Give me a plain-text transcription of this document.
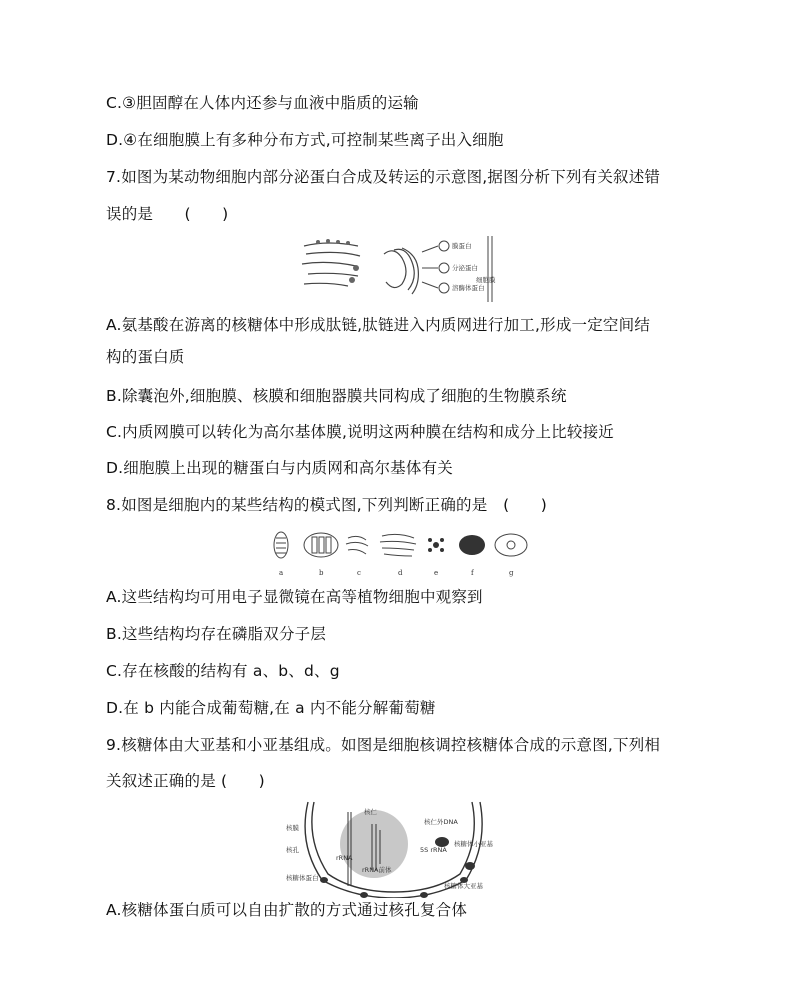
C.③胆固醇在人体内还参与血液中脂质的运输
D.④在细胞膜上有多种分布方式,可控制某些离子出入细胞
7.如图为某动物细胞内部分泌蛋白合成及转运的示意图,据图分析下列有关叙述错
误的是　　(　　)
膜蛋白
分泌蛋白
溶酶体蛋白
细胞膜
A.氨基酸在游离的核糖体中形成肽链,肽链进入内质网进行加工,形成一定空间结
构的蛋白质
B.除囊泡外,细胞膜、核膜和细胞器膜共同构成了细胞的生物膜系统
C.内质网膜可以转化为高尔基体膜,说明这两种膜在结构和成分上比较接近
D.细胞膜上出现的糖蛋白与内质网和高尔基体有关
8.如图是细胞内的某些结构的模式图,下列判断正确的是　(　　)
a	b	c	d	e	f	g
A.这些结构均可用电子显微镜在高等植物细胞中观察到
B.这些结构均存在磷脂双分子层
C.存在核酸的结构有 a、b、d、g
D.在 b 内能合成葡萄糖,在 a 内不能分解葡萄糖
9.核糖体由大亚基和小亚基组成。如图是细胞核调控核糖体合成的示意图,下列相
关叙述正确的是 (　　)
核仁
核膜
核孔
rRNA
rRNA前体
核仁外DNA
5S rRNA
核糖体小亚基
核糖体蛋白
核糖体大亚基
A.核糖体蛋白质可以自由扩散的方式通过核孔复合体
